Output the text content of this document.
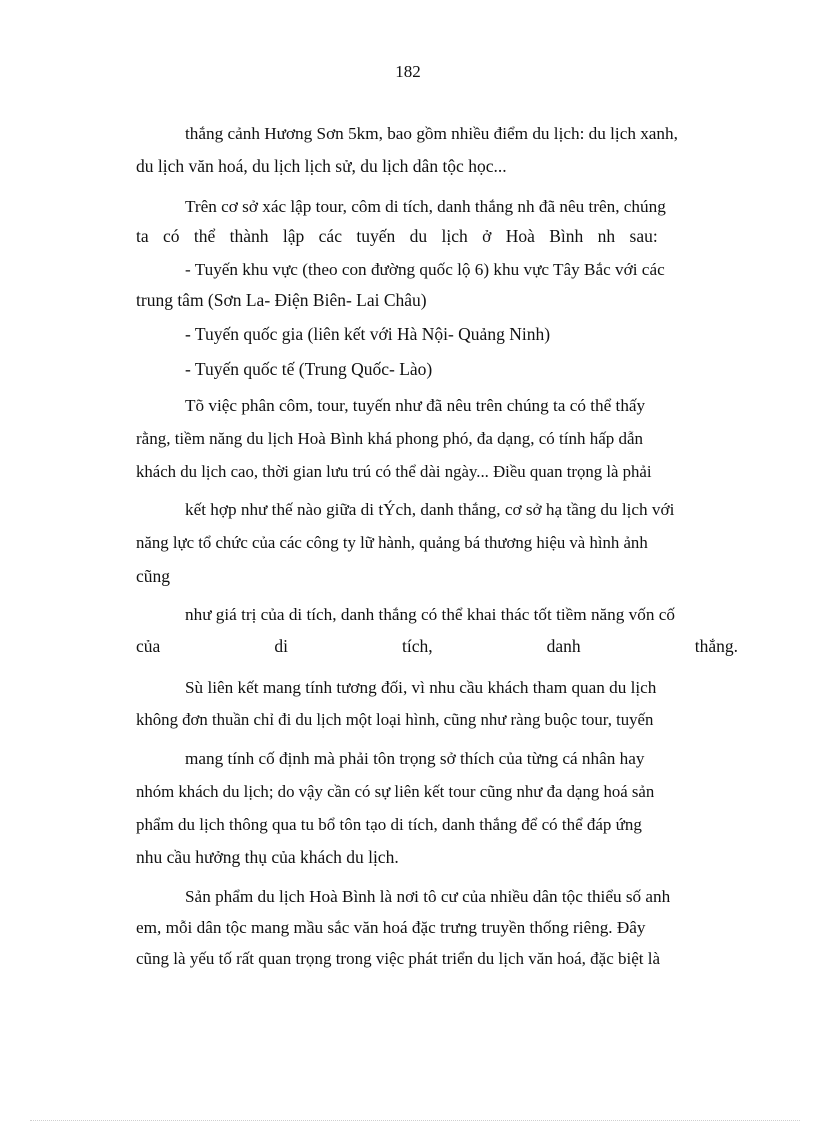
182
thắng cảnh Hương Sơn 5km, bao gồm nhiều điểm du lịch: du lịch xanh,
du lịch văn hoá, du lịch lịch sử, du lịch dân tộc học...
Trên cơ sở xác lập tour, côm di tích, danh thắng nh đã nêu trên, chúng
ta có thể thành lập các tuyến du lịch ở Hoà Bình nh sau:
- Tuyến khu vực (theo con đường quốc lộ 6) khu vực Tây Bắc với các
trung tâm (Sơn La- Điện Biên- Lai Châu)
- Tuyến quốc gia (liên kết với Hà Nội- Quảng Ninh)
- Tuyến quốc tế (Trung Quốc- Lào)
Tõ việc phân côm, tour, tuyến như đã nêu trên chúng ta có thể thấy
rằng, tiềm năng du lịch Hoà Bình khá phong phó, đa dạng, có tính hấp dẫn
khách du lịch cao, thời gian lưu trú có thể dài ngày... Điều quan trọng là phải
kết hợp như thế nào giữa di tÝch, danh thắng, cơ sở hạ tầng du lịch với
năng lực tổ chức của các công ty lữ hành, quảng bá thương hiệu và hình ảnh
cũng
như giá trị của di tích, danh thắng có thể khai thác tốt tiềm năng vốn cố
của	di	tích,	danh	thắng.
Sù liên kết mang tính tương đối, vì nhu cầu khách tham quan du lịch
không đơn thuần chỉ đi du lịch một loại hình, cũng như ràng buộc tour, tuyến
mang tính cố định mà phải tôn trọng sở thích của từng cá nhân hay
nhóm khách du lịch; do vậy cần có sự liên kết tour cũng như đa dạng hoá sản
phẩm du lịch thông qua tu bổ tôn tạo di tích, danh thắng để có thể đáp ứng
nhu cầu hưởng thụ của khách du lịch.
Sản phẩm du lịch Hoà Bình là nơi tô cư của nhiều dân tộc thiểu số anh
em, mỗi dân tộc mang mầu sắc văn hoá đặc trưng truyền thống riêng. Đây
cũng là yếu tố rất quan trọng trong việc phát triển du lịch văn hoá, đặc biệt là
